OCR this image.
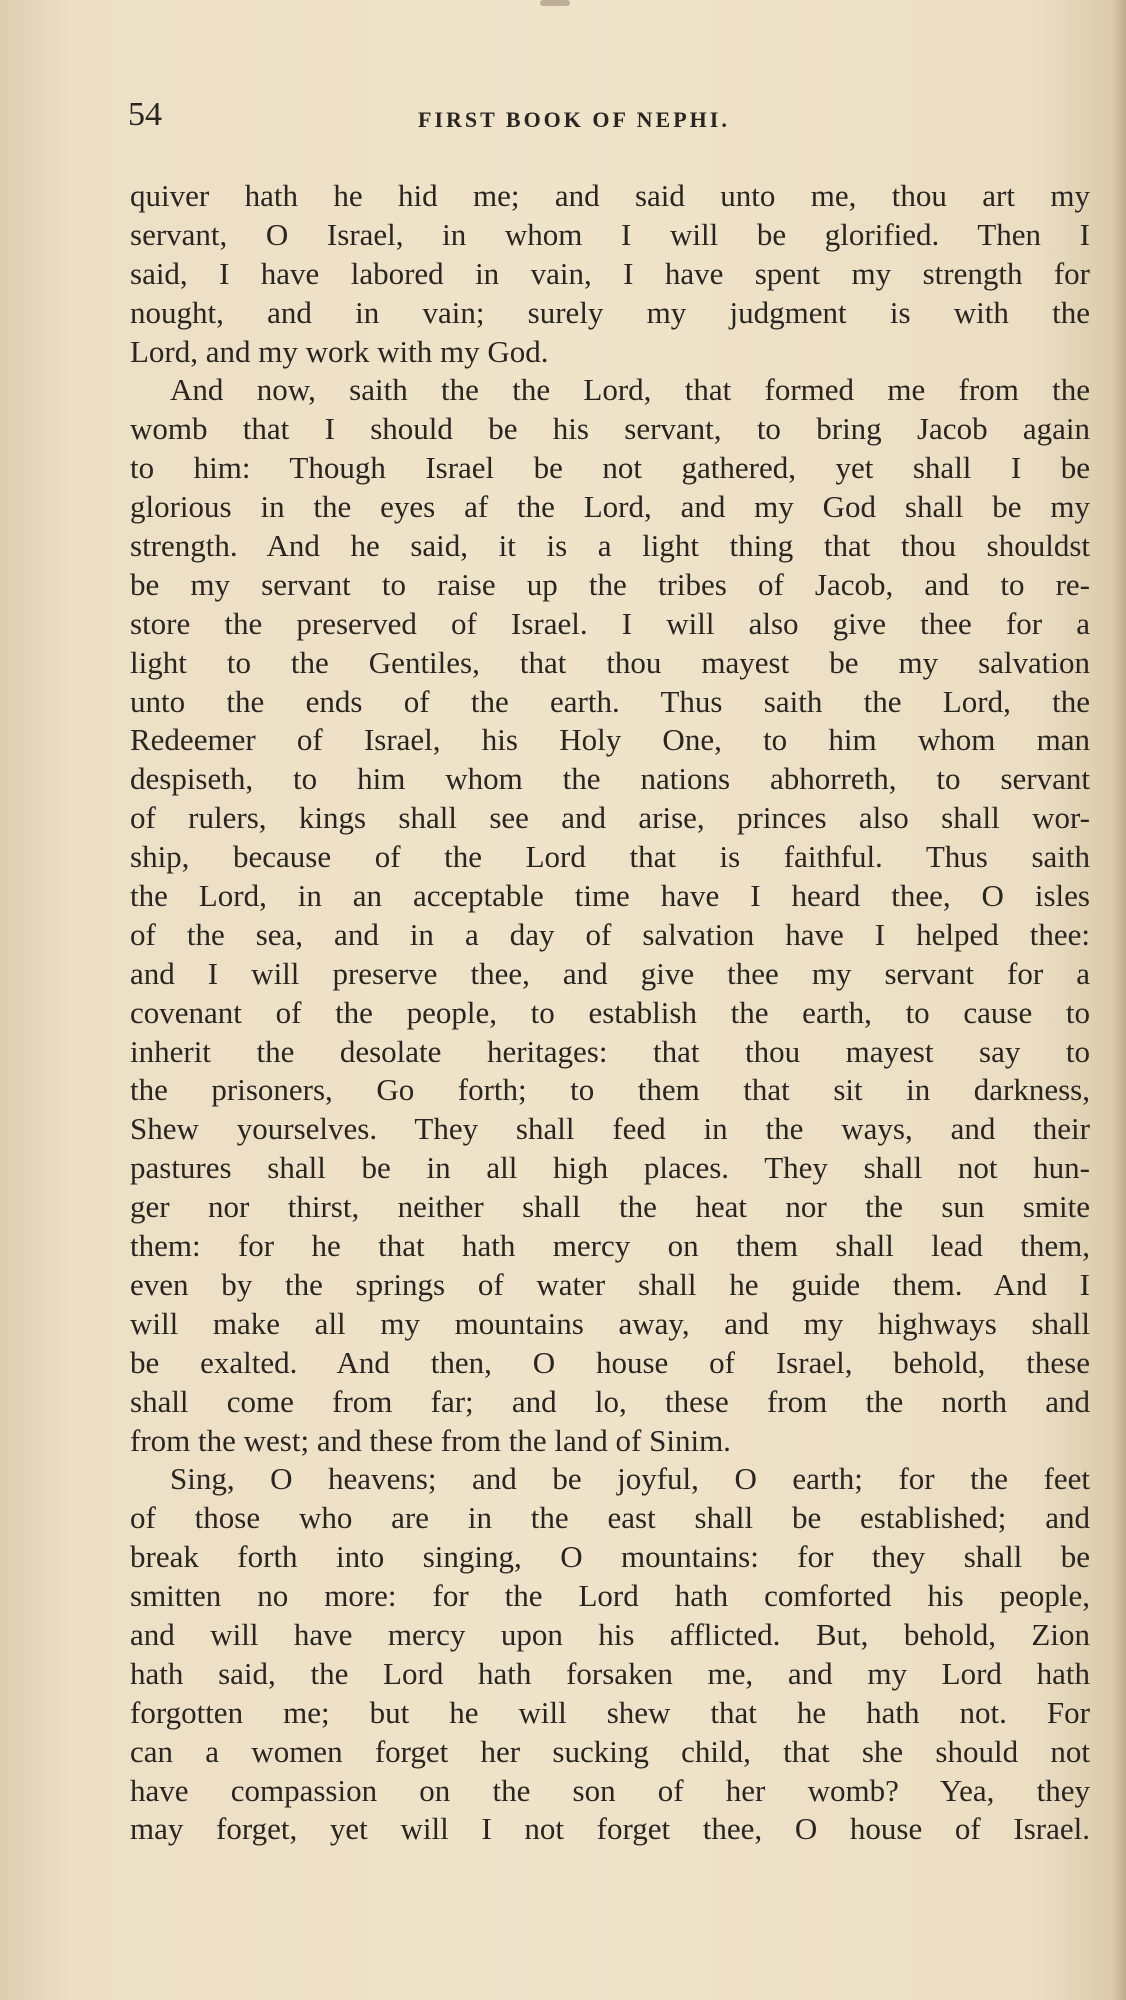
54	FIRST BOOK OF NEPHI.
quiver hath he hid me; and said unto me, thou art my
servant, O Israel, in whom I will be glorified. Then I
said, I have labored in vain, I have spent my strength for
nought, and in vain; surely my judgment is with the
Lord, and my work with my God.
And now, saith the the Lord, that formed me from the
womb that I should be his servant, to bring Jacob again
to him: Though Israel be not gathered, yet shall I be
glorious in the eyes af the Lord, and my God shall be my
strength. And he said, it is a light thing that thou shouldst
be my servant to raise up the tribes of Jacob, and to re-
store the preserved of Israel. I will also give thee for a
light to the Gentiles, that thou mayest be my salvation
unto the ends of the earth. Thus saith the Lord, the
Redeemer of Israel, his Holy One, to him whom man
despiseth, to him whom the nations abhorreth, to servant
of rulers, kings shall see and arise, princes also shall wor-
ship, because of the Lord that is faithful. Thus saith
the Lord, in an acceptable time have I heard thee, O isles
of the sea, and in a day of salvation have I helped thee:
and I will preserve thee, and give thee my servant for a
covenant of the people, to establish the earth, to cause to
inherit the desolate heritages: that thou mayest say to
the prisoners, Go forth; to them that sit in darkness,
Shew yourselves. They shall feed in the ways, and their
pastures shall be in all high places. They shall not hun-
ger nor thirst, neither shall the heat nor the sun smite
them: for he that hath mercy on them shall lead them,
even by the springs of water shall he guide them. And I
will make all my mountains away, and my highways shall
be exalted. And then, O house of Israel, behold, these
shall come from far; and lo, these from the north and
from the west; and these from the land of Sinim.
Sing, O heavens; and be joyful, O earth; for the feet
of those who are in the east shall be established; and
break forth into singing, O mountains: for they shall be
smitten no more: for the Lord hath comforted his people,
and will have mercy upon his afflicted. But, behold, Zion
hath said, the Lord hath forsaken me, and my Lord hath
forgotten me; but he will shew that he hath not. For
can a women forget her sucking child, that she should not
have compassion on the son of her womb? Yea, they
may forget, yet will I not forget thee, O house of Israel.
